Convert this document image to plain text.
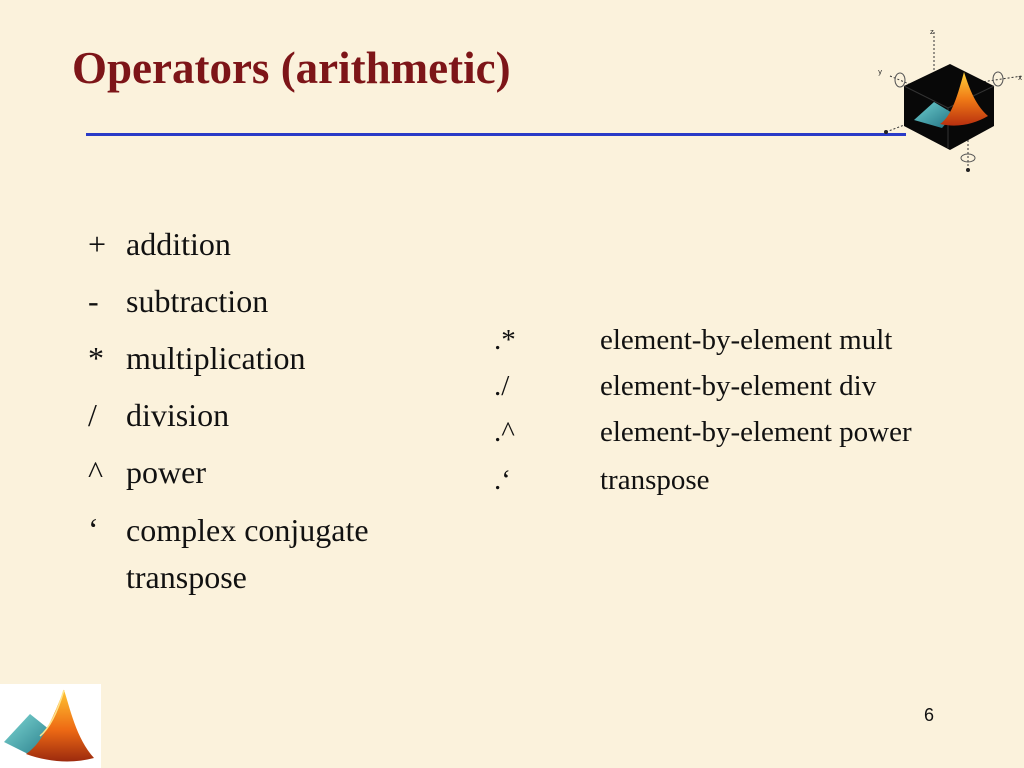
Operators (arithmetic)
z
y
x
+ addition
- subtraction
* multiplication
/ division
^ power
‘ complex conjugate transpose
.*	element-by-element mult
./	element-by-element div
.^	element-by-element power
.‘	transpose
6
